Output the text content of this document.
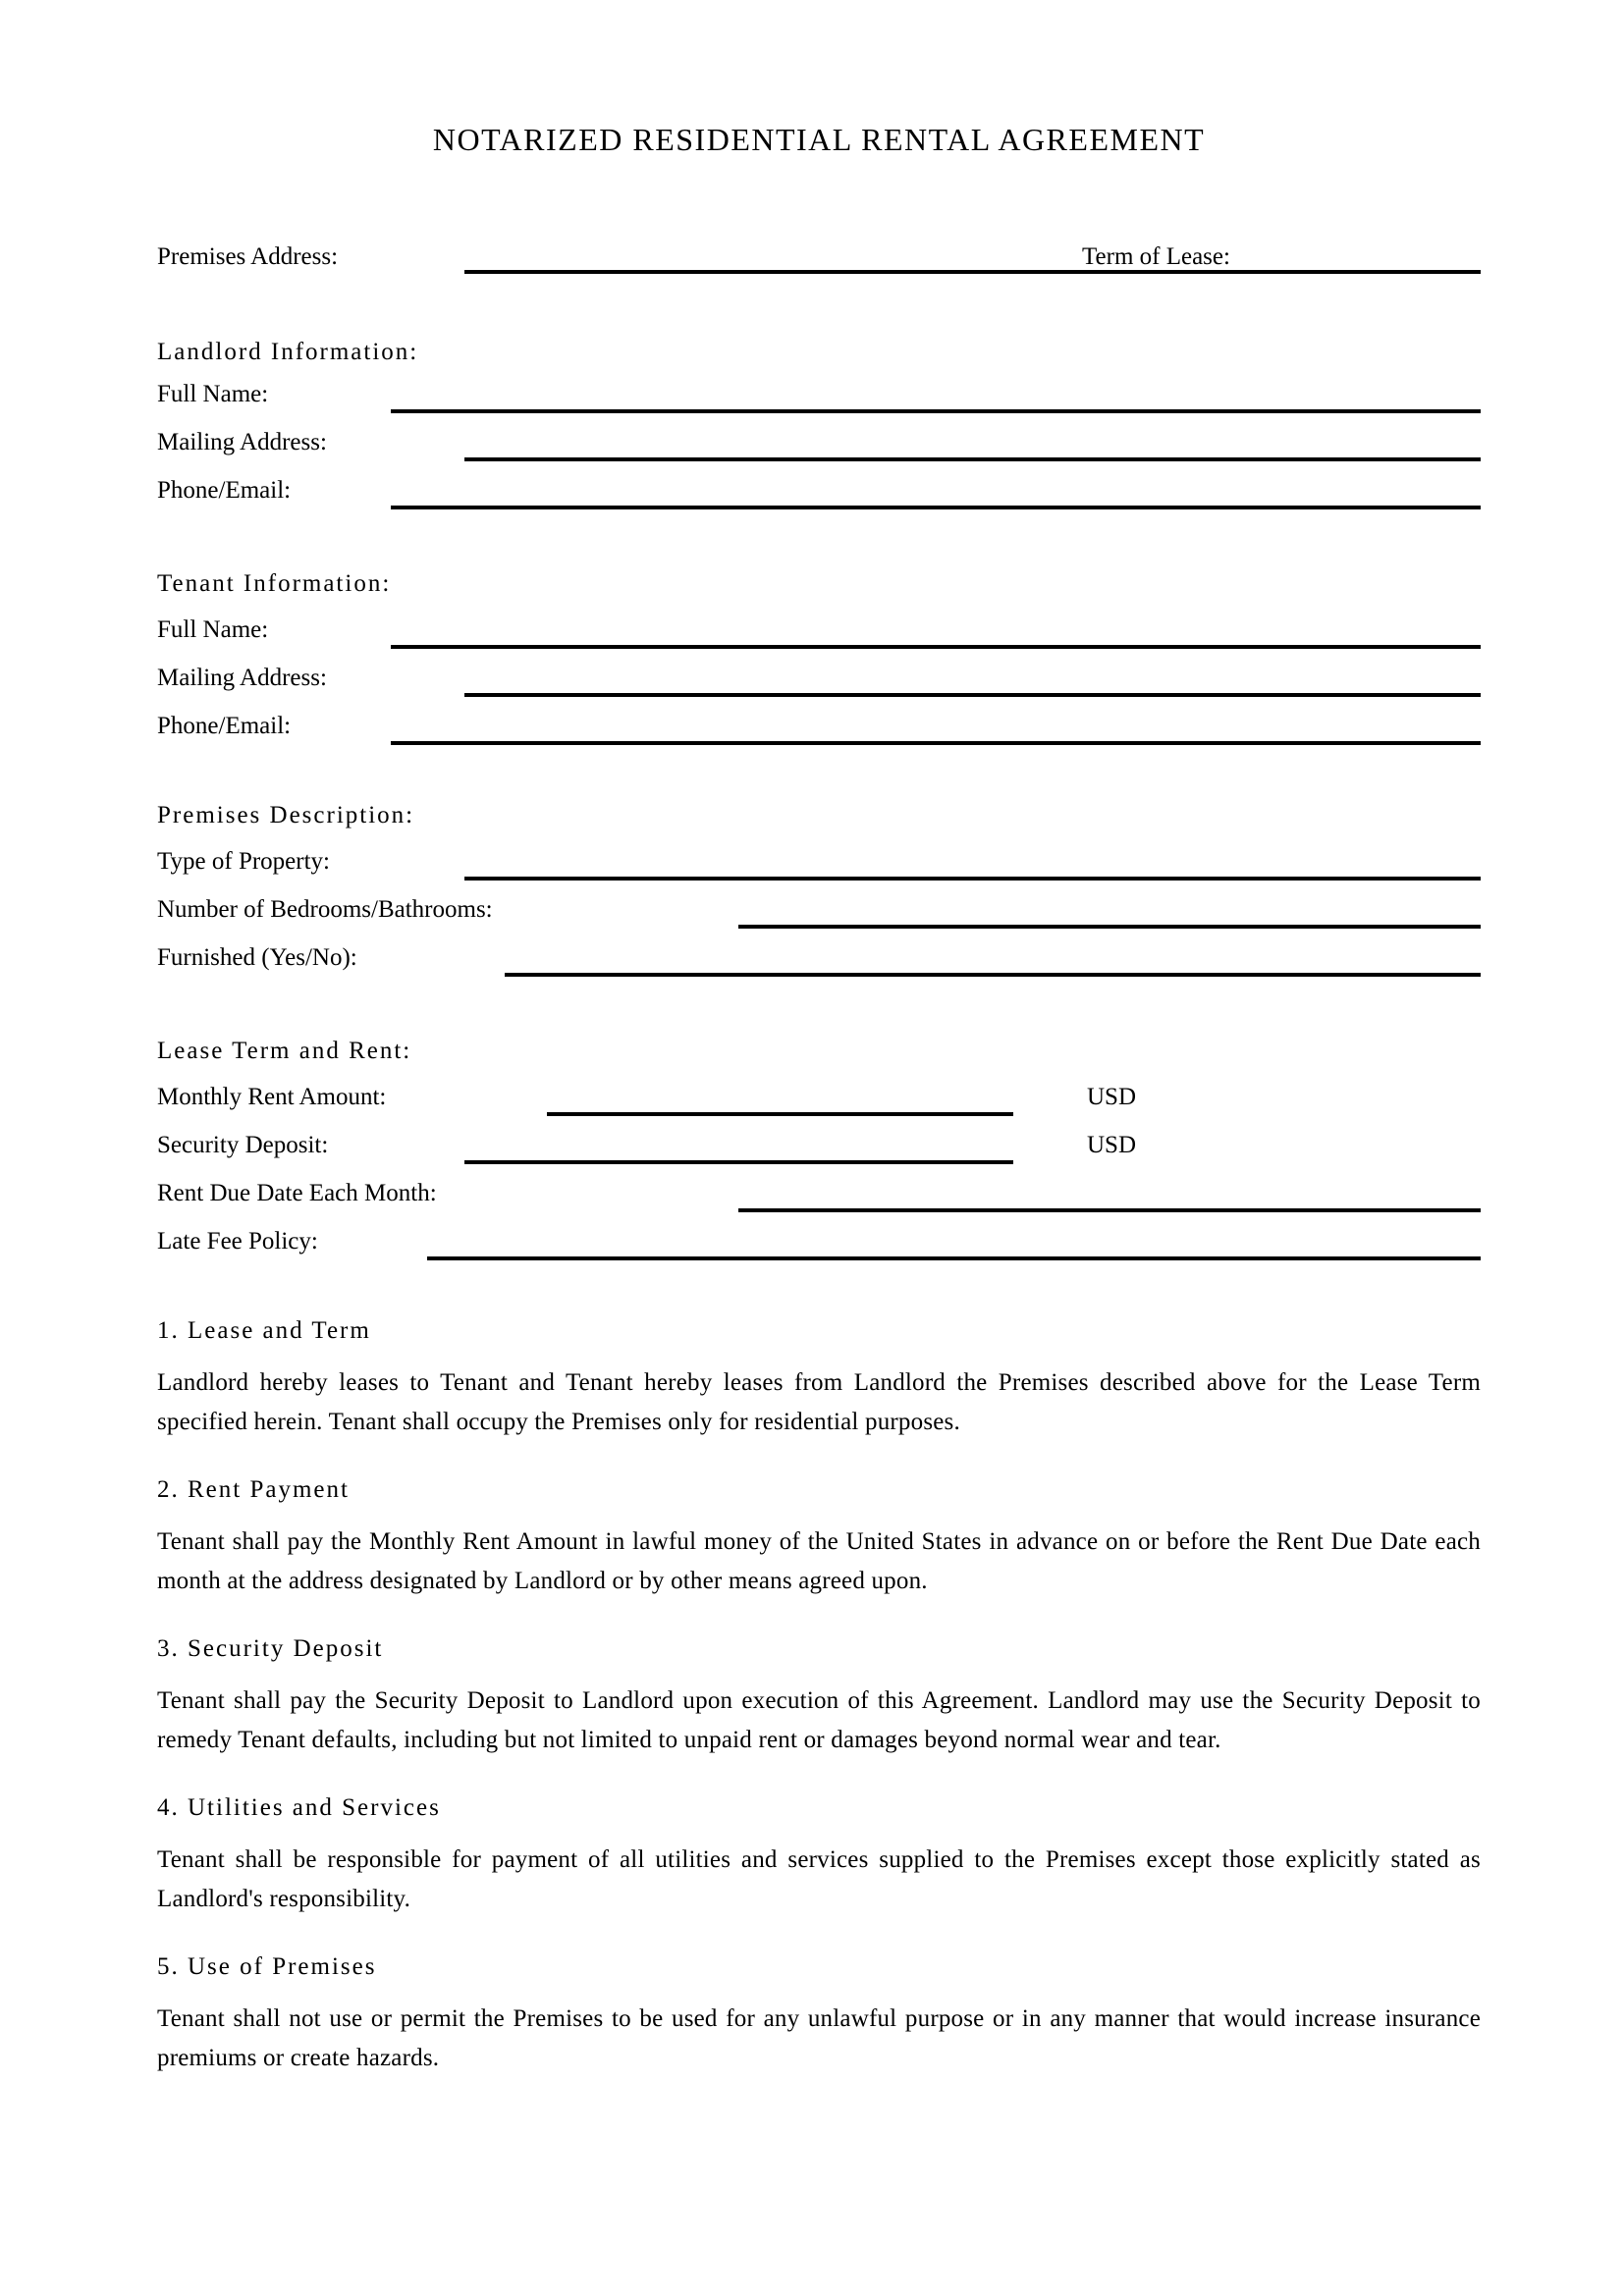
NOTARIZED RESIDENTIAL RENTAL AGREEMENT
Premises Address:	Term of Lease:
Landlord Information:
Full Name:
Mailing Address:
Phone/Email:
Tenant Information:
Full Name:
Mailing Address:
Phone/Email:
Premises Description:
Type of Property:
Number of Bedrooms/Bathrooms:
Furnished (Yes/No):
Lease Term and Rent:
Monthly Rent Amount:	USD
Security Deposit:	USD
Rent Due Date Each Month:
Late Fee Policy:
1. Lease and Term

Landlord hereby leases to Tenant and Tenant hereby leases from Landlord the Premises described above for the Lease Term specified herein. Tenant shall occupy the Premises only for residential purposes.

2. Rent Payment

Tenant shall pay the Monthly Rent Amount in lawful money of the United States in advance on or before the Rent Due Date each month at the address designated by Landlord or by other means agreed upon.

3. Security Deposit

Tenant shall pay the Security Deposit to Landlord upon execution of this Agreement. Landlord may use the Security Deposit to remedy Tenant defaults, including but not limited to unpaid rent or damages beyond normal wear and tear.

4. Utilities and Services

Tenant shall be responsible for payment of all utilities and services supplied to the Premises except those explicitly stated as Landlord's responsibility.

5. Use of Premises

Tenant shall not use or permit the Premises to be used for any unlawful purpose or in any manner that would increase insurance premiums or create hazards.
